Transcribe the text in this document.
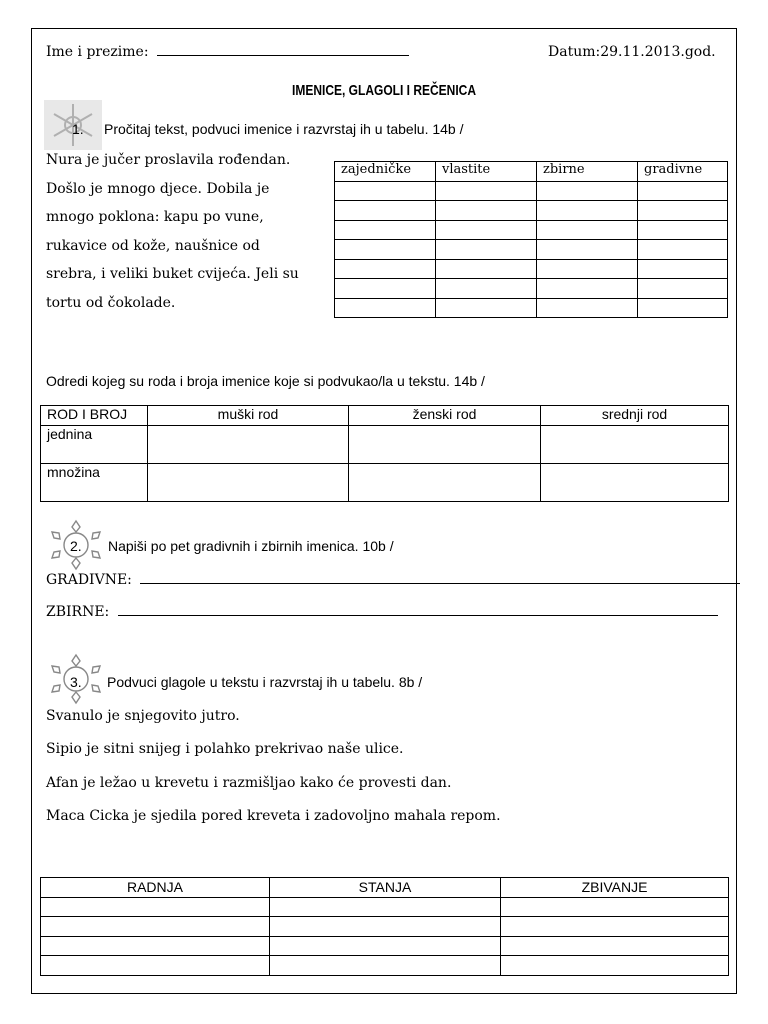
Ime i prezime:	Datum:29.11.2013.god.
IMENICE, GLAGOLI I REČENICA
1. Pročitaj tekst, podvuci imenice i razvrstaj ih u tabelu. 14b /
Nura je jučer proslavila rođendan.
Došlo je mnogo djece. Dobila je
mnogo poklona: kapu po vune,
rukavice od kože, naušnice od
srebra, i veliki buket cvijeća. Jeli su
tortu od čokolade.
zajedničke	vlastite	zbirne	gradivne

Odredi kojeg su roda i broja imenice koje si podvukao/la u tekstu. 14b /
ROD I BROJ	muški rod	ženski rod	srednji rod
jednina			
množina			
2. Napiši po pet gradivnih i zbirnih imenica. 10b /
GRADIVNE:
ZBIRNE:
3. Podvuci glagole u tekstu i razvrstaj ih u tabelu. 8b /
Svanulo je snjegovito jutro.
Sipio je sitni snijeg i polahko prekrivao naše ulice.
Afan je ležao u krevetu i razmišljao kako će provesti dan.
Maca Cicka je sjedila pored kreveta i zadovoljno mahala repom.
RADNJA	STANJA	ZBIVANJE
